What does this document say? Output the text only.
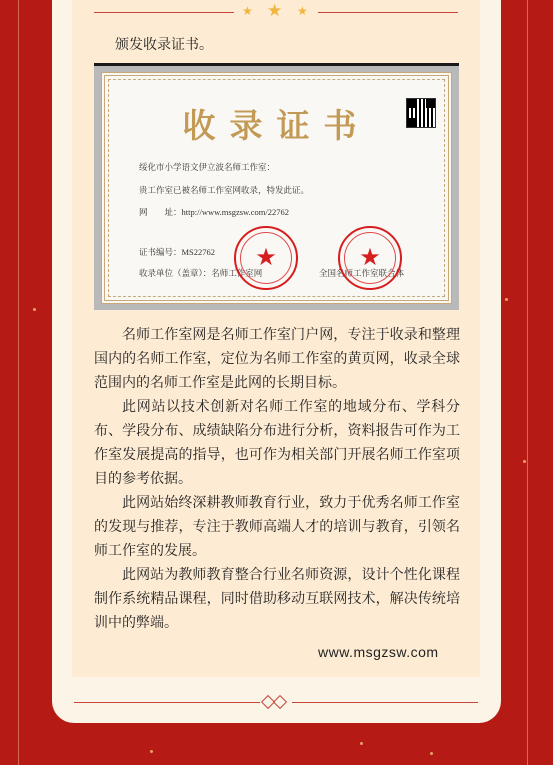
★ ★ ★
颁发收录证书。
收录证书
绥化市小学语文伊立波名师工作室：
贵工作室已被名师工作室网收录，特发此证。
网　　址：http://www.msgzsw.com/22762
证书编号：MS22762
收录单位（盖章）：名师工作室网	全国名师工作室联合体
★	★

名师工作室网是名师工作室门户网，专注于收录和整理国内的名师工作室，定位为名师工作室的黄页网，收录全球范围内的名师工作室是此网的长期目标。

此网站以技术创新对名师工作室的地域分布、学科分布、学段分布、成绩缺陷分布进行分析，资料报告可作为工作室发展提高的指导，也可作为相关部门开展名师工作室项目的参考依据。

此网站始终深耕教师教育行业，致力于优秀名师工作室的发现与推荐，专注于教师高端人才的培训与教育，引领名师工作室的发展。

此网站为教师教育整合行业名师资源，设计个性化课程制作系统精品课程，同时借助移动互联网技术，解决传统培训中的弊端。

www.msgzsw.com
